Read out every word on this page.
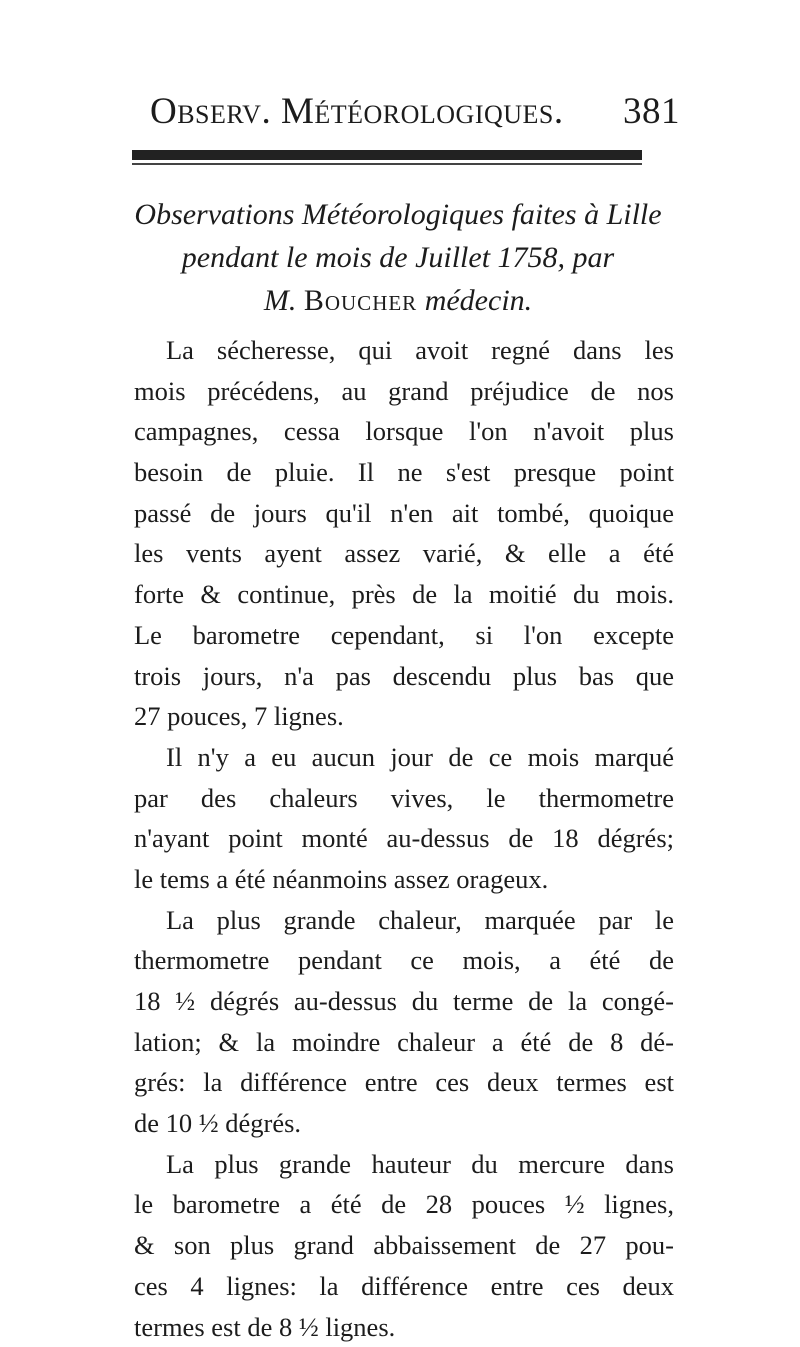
Observ. Météorologiques. 381
Observations Météorologiques faites à Lille
pendant le mois de Juillet 1758, par
M. Boucher médecin.
La sécheresse, qui avoit regné dans les
mois précédens, au grand préjudice de nos
campagnes, cessa lorsque l'on n'avoit plus
besoin de pluie. Il ne s'est presque point
passé de jours qu'il n'en ait tombé, quoique
les vents ayent assez varié, & elle a été
forte & continue, près de la moitié du mois.
Le barometre cependant, si l'on excepte
trois jours, n'a pas descendu plus bas que
27 pouces, 7 lignes.
Il n'y a eu aucun jour de ce mois marqué
par des chaleurs vives, le thermometre
n'ayant point monté au-dessus de 18 dégrés;
le tems a été néanmoins assez orageux.
La plus grande chaleur, marquée par le
thermometre pendant ce mois, a été de
18 ½ dégrés au-dessus du terme de la congé-
lation; & la moindre chaleur a été de 8 dé-
grés: la différence entre ces deux termes est
de 10 ½ dégrés.
La plus grande hauteur du mercure dans
le barometre a été de 28 pouces ½ lignes,
& son plus grand abbaissement de 27 pou-
ces 4 lignes: la différence entre ces deux
termes est de 8 ½ lignes.
